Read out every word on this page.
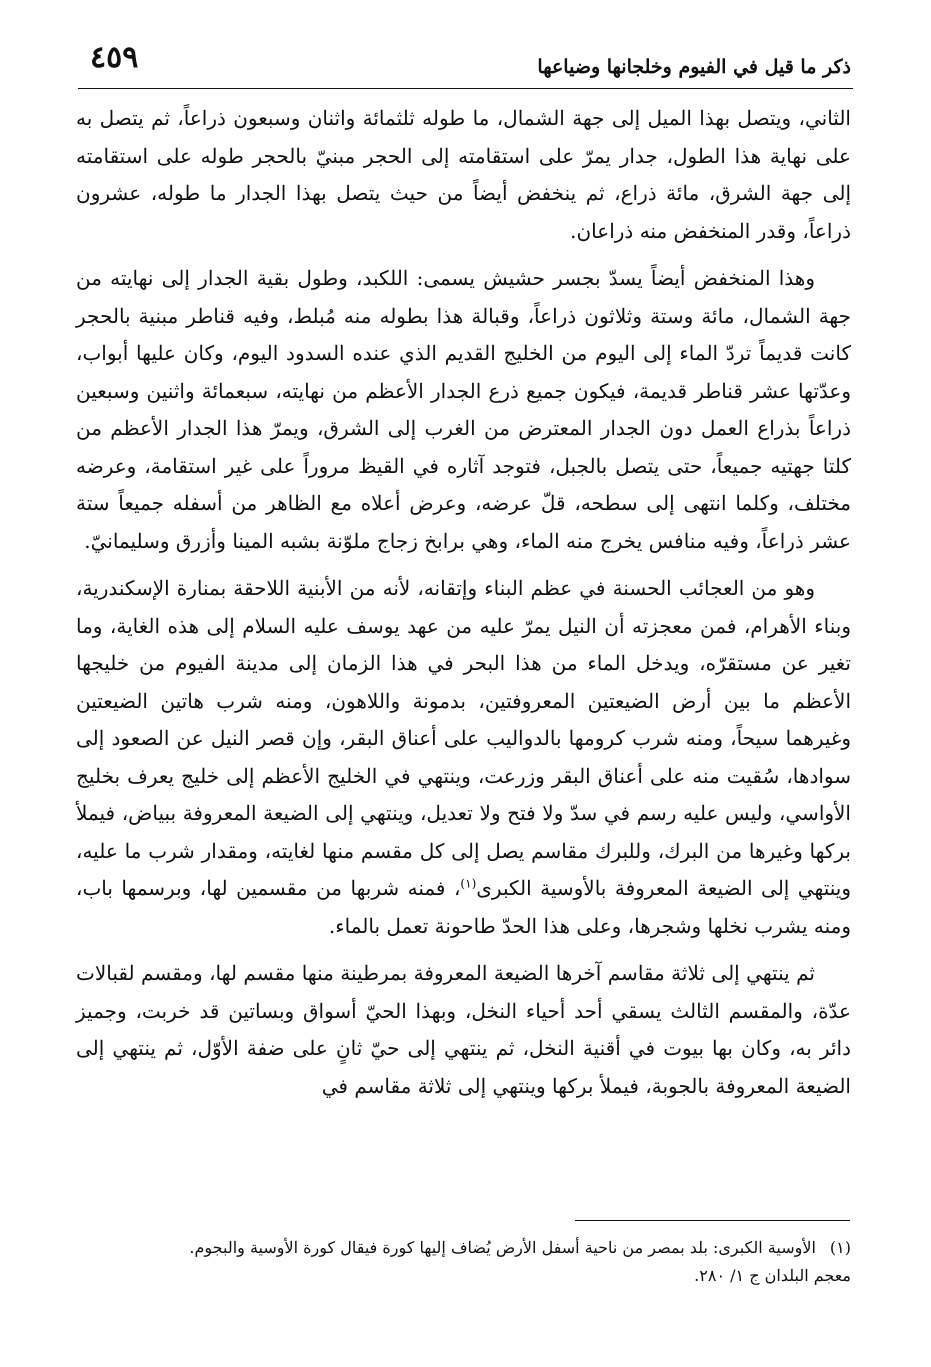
ذكر ما قيل في الفيوم وخلجانها وضياعها
٤٥٩

الثاني، ويتصل بهذا الميل إلى جهة الشمال، ما طوله ثلثمائة واثنان وسبعون ذراعاً، ثم يتصل به على نهاية هذا الطول، جدار يمرّ على استقامته إلى الحجر مبنيّ بالحجر طوله على استقامته إلى جهة الشرق، مائة ذراع، ثم ينخفض أيضاً من حيث يتصل بهذا الجدار ما طوله، عشرون ذراعاً، وقدر المنخفض منه ذراعان.

وهذا المنخفض أيضاً يسدّ بجسر حشيش يسمى: اللكبد، وطول بقية الجدار إلى نهايته من جهة الشمال، مائة وستة وثلاثون ذراعاً، وقبالة هذا بطوله منه مُبلط، وفيه قناطر مبنية بالحجر كانت قديماً تردّ الماء إلى اليوم من الخليج القديم الذي عنده السدود اليوم، وكان عليها أبواب، وعدّتها عشر قناطر قديمة، فيكون جميع ذرع الجدار الأعظم من نهايته، سبعمائة واثنين وسبعين ذراعاً بذراع العمل دون الجدار المعترض من الغرب إلى الشرق، ويمرّ هذا الجدار الأعظم من كلتا جهتيه جميعاً، حتى يتصل بالجبل، فتوجد آثاره في القيظ مروراً على غير استقامة، وعرضه مختلف، وكلما انتهى إلى سطحه، قلّ عرضه، وعرض أعلاه مع الظاهر من أسفله جميعاً ستة عشر ذراعاً، وفيه منافس يخرج منه الماء، وهي برابخ زجاج ملوّنة بشبه المينا وأزرق وسليمانيّ.

وهو من العجائب الحسنة في عظم البناء وإتقانه، لأنه من الأبنية اللاحقة بمنارة الإسكندرية، وبناء الأهرام، فمن معجزته أن النيل يمرّ عليه من عهد يوسف عليه السلام إلى هذه الغاية، وما تغير عن مستقرّه، ويدخل الماء من هذا البحر في هذا الزمان إلى مدينة الفيوم من خليجها الأعظم ما بين أرض الضيعتين المعروفتين، بدمونة واللاهون، ومنه شرب هاتين الضيعتين وغيرهما سيحاً، ومنه شرب كرومها بالدواليب على أعناق البقر، وإن قصر النيل عن الصعود إلى سوادها، سُقيت منه على أعناق البقر وزرعت، وينتهي في الخليج الأعظم إلى خليج يعرف بخليج الأواسي، وليس عليه رسم في سدّ ولا فتح ولا تعديل، وينتهي إلى الضيعة المعروفة ببياض، فيملأ بركها وغيرها من البرك، وللبرك مقاسم يصل إلى كل مقسم منها لغايته، ومقدار شرب ما عليه، وينتهي إلى الضيعة المعروفة بالأوسية الكبرى$^{(١)}$، فمنه شربها من مقسمين لها، وبرسمها باب، ومنه يشرب نخلها وشجرها، وعلى هذا الحدّ طاحونة تعمل بالماء.

ثم ينتهي إلى ثلاثة مقاسم آخرها الضيعة المعروفة بمرطينة منها مقسم لها، ومقسم لقبالات عدّة، والمقسم الثالث يسقي أحد أحياء النخل، وبهذا الحيّ أسواق وبساتين قد خربت، وجميز دائر به، وكان بها بيوت في أقنية النخل، ثم ينتهي إلى حيّ ثانٍ على ضفة الأوّل، ثم ينتهي إلى الضيعة المعروفة بالجوبة، فيملأ بركها وينتهي إلى ثلاثة مقاسم في

(١)الأوسية الكبرى: بلد بمصر من ناحية أسفل الأرض يُضاف إليها كورة فيقال كورة الأوسية والبجوم.
معجم البلدان ج ١/ ٢٨٠.
